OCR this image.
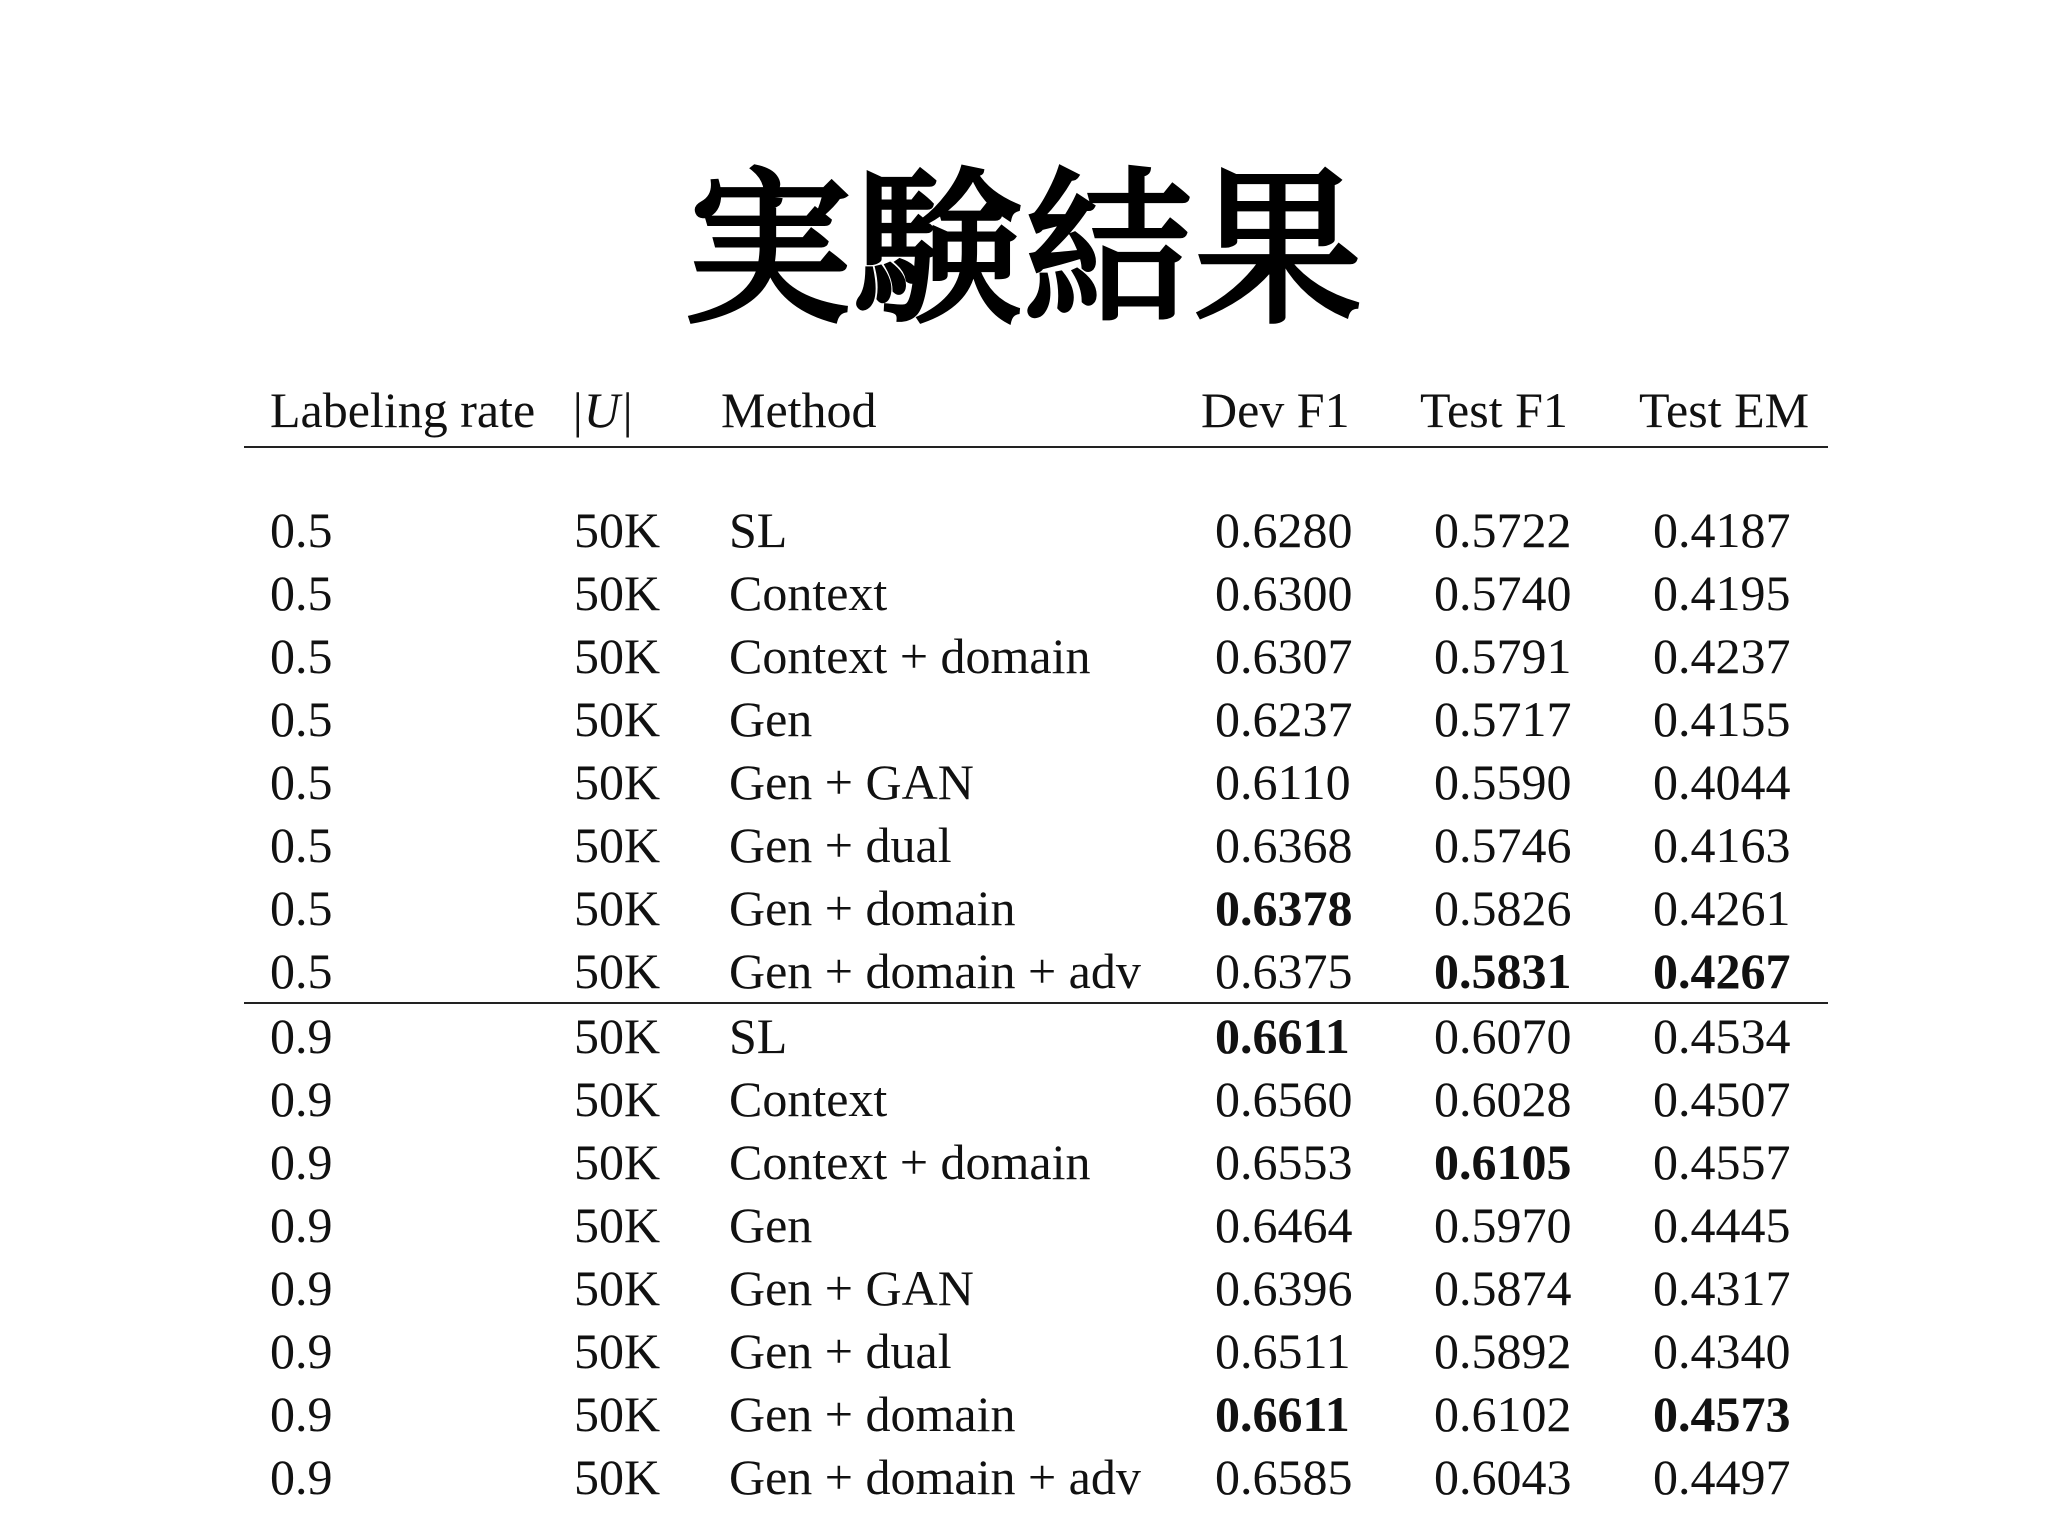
実験結果
Labeling rate	|U|	Method	Dev F1	Test F1	Test EM

0.5	50K	SL	0.6280	0.5722	0.4187
0.5	50K	Context	0.6300	0.5740	0.4195
0.5	50K	Context + domain	0.6307	0.5791	0.4237
0.5	50K	Gen	0.6237	0.5717	0.4155
0.5	50K	Gen + GAN	0.6110	0.5590	0.4044
0.5	50K	Gen + dual	0.6368	0.5746	0.4163
0.5	50K	Gen + domain	0.6378	0.5826	0.4261
0.5	50K	Gen + domain + adv	0.6375	0.5831	0.4267
0.9	50K	SL	0.6611	0.6070	0.4534
0.9	50K	Context	0.6560	0.6028	0.4507
0.9	50K	Context + domain	0.6553	0.6105	0.4557
0.9	50K	Gen	0.6464	0.5970	0.4445
0.9	50K	Gen + GAN	0.6396	0.5874	0.4317
0.9	50K	Gen + dual	0.6511	0.5892	0.4340
0.9	50K	Gen + domain	0.6611	0.6102	0.4573
0.9	50K	Gen + domain + adv	0.6585	0.6043	0.4497
